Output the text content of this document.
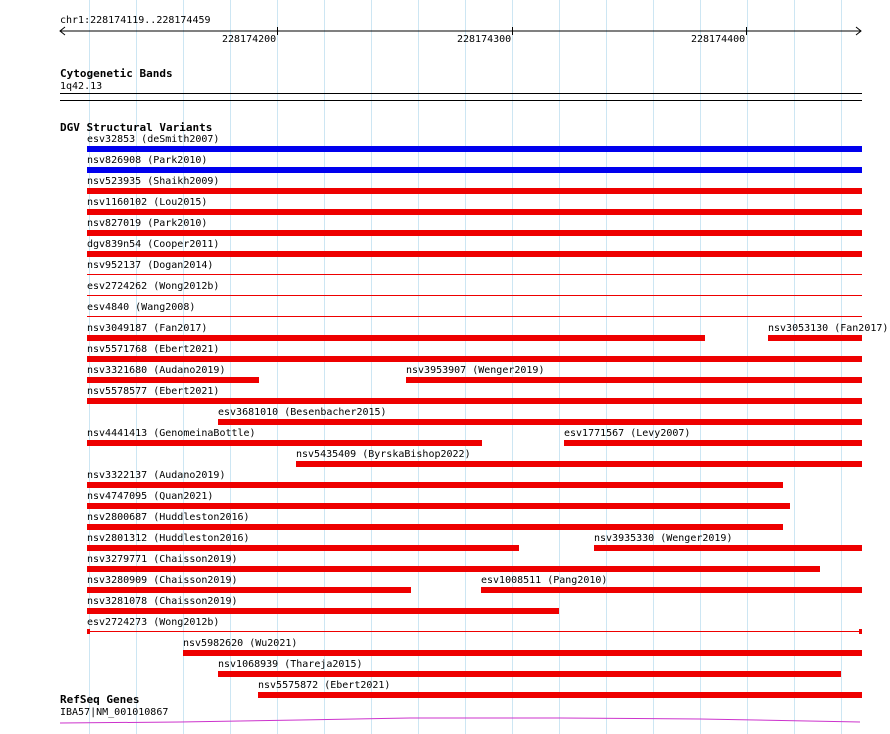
chr1:228174119..228174459
228174200	228174300	228174400
Cytogenetic Bands
1q42.13
DGV Structural Variants
esv32853 (deSmith2007)
nsv826908 (Park2010)
nsv523935 (Shaikh2009)
nsv1160102 (Lou2015)
nsv827019 (Park2010)
dgv839n54 (Cooper2011)
nsv952137 (Dogan2014)
esv2724262 (Wong2012b)
esv4840 (Wang2008)
nsv3049187 (Fan2017)	nsv3053130 (Fan2017)
nsv5571768 (Ebert2021)
nsv3953907 (Wenger2019)
nsv5578577 (Ebert2021)
esv3681010 (Besenbacher2015)
nsv4441413 (GenomeinaBottle)	esv1771567 (Levy2007)
nsv3321680 (Audano2019)
nsv5435409 (ByrskaBishop2022)
nsv3322137 (Audano2019)
nsv4747095 (Quan2021)
nsv2800687 (Huddleston2016)
nsv2801312 (Huddleston2016)	nsv3935330 (Wenger2019)
nsv3279771 (Chaisson2019)
nsv3280909 (Chaisson2019)	esv1008511 (Pang2010)
nsv3281078 (Chaisson2019)
esv2724273 (Wong2012b)
nsv5982620 (Wu2021)
nsv1068939 (Thareja2015)
nsv5575872 (Ebert2021)
RefSeq Genes
IBA57|NM_001010867
